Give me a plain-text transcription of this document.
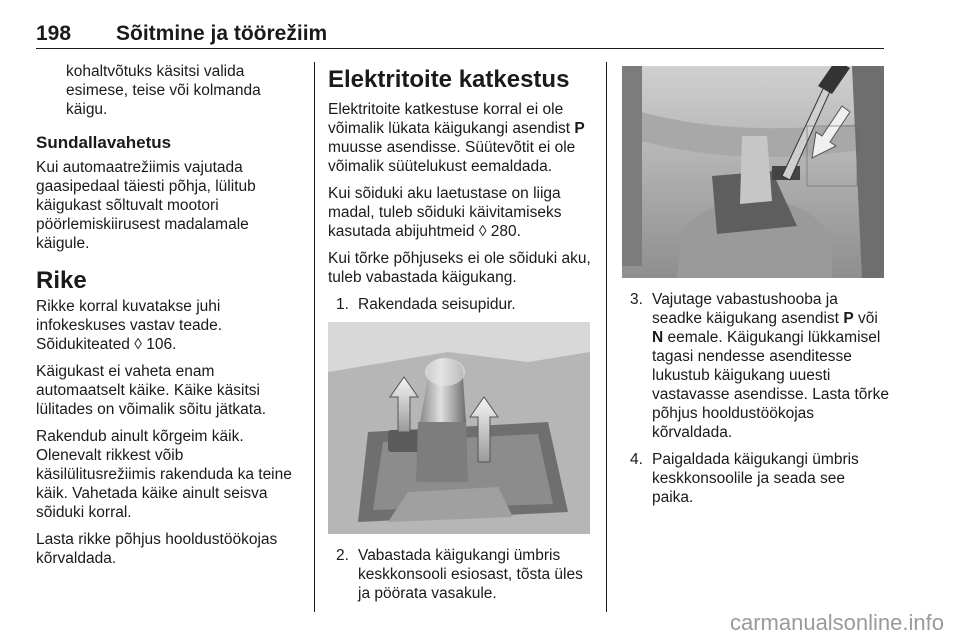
198 Sõitmine ja töörežiim

kohaltvõtuks käsitsi valida esimese, teise või kolmanda käigu.

Sundallavahetus

Kui automaatrežiimis vajutada gaasipedaal täiesti põhja, lülitub käigukast sõltuvalt mootori pöörlemiskiirusest madalamale käigule.

Rike

Rikke korral kuvatakse juhi infokeskuses vastav teade. Sõidukiteated ◊ 106.

Käigukast ei vaheta enam automaatselt käike. Käike käsitsi lülitades on võimalik sõitu jätkata.

Rakendub ainult kõrgeim käik. Olenevalt rikkest võib käsilülitusrežiimis rakenduda ka teine käik. Vahetada käike ainult seisva sõiduki korral.

Lasta rikke põhjus hooldustöökojas kõrvaldada.

Elektritoite katkestus

Elektritoite katkestuse korral ei ole võimalik lükata käigukangi asendist P muusse asendisse. Süütevõtit ei ole võimalik süütelukust eemaldada.

Kui sõiduki aku laetustase on liiga madal, tuleb sõiduki käivitamiseks kasutada abijuhtmeid ◊ 280.

Kui tõrke põhjuseks ei ole sõiduki aku, tuleb vabastada käigukang.

1. Rakendada seisupidur.
2. Vabastada käigukangi ümbris keskkonsooli esiosast, tõsta üles ja pöörata vasakule.
3. Vajutage vabastushooba ja seadke käigukang asendist P või N eemale. Käigukangi lükkamisel tagasi nendesse asenditesse lukustub käigukang uuesti vastavasse asendisse. Lasta tõrke põhjus hooldustöökojas kõrvaldada.
4. Paigaldada käigukangi ümbris keskkonsoolile ja seada see paika.
carmanualsonline.info
